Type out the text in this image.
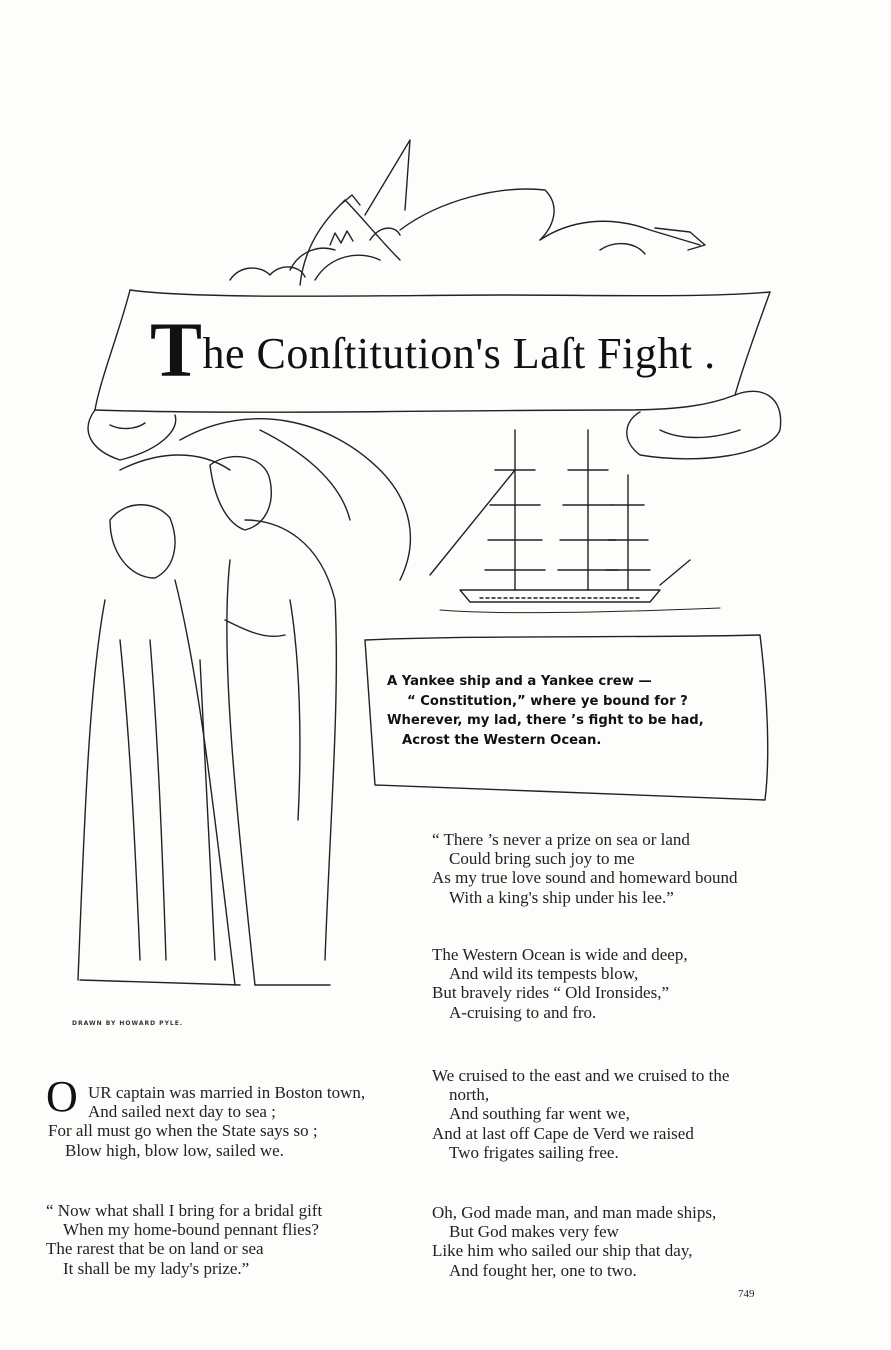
The Conſtitution's Laſt Fight .
A Yankee ship and a Yankee crew —
“ Constitution,” where ye bound for ?
Wherever, my lad, there ’s fight to be had,
Acrost the Western Ocean.
DRAWN BY HOWARD PYLE.
“ There ’s never a prize on sea or land
Could bring such joy to me
As my true love sound and homeward bound
With a king's ship under his lee.”
The Western Ocean is wide and deep,
And wild its tempests blow,
But bravely rides “ Old Ironsides,”
A-cruising to and fro.
We cruised to the east and we cruised to the
north,
And southing far went we,
And at last off Cape de Verd we raised
Two frigates sailing free.
Oh, God made man, and man made ships,
But God makes very few
Like him who sailed our ship that day,
And fought her, one to two.
O UR captain was married in Boston town,
And sailed next day to sea ;
For all must go when the State says so ;
Blow high, blow low, sailed we.
“ Now what shall I bring for a bridal gift
When my home-bound pennant flies?
The rarest that be on land or sea
It shall be my lady's prize.”
749
